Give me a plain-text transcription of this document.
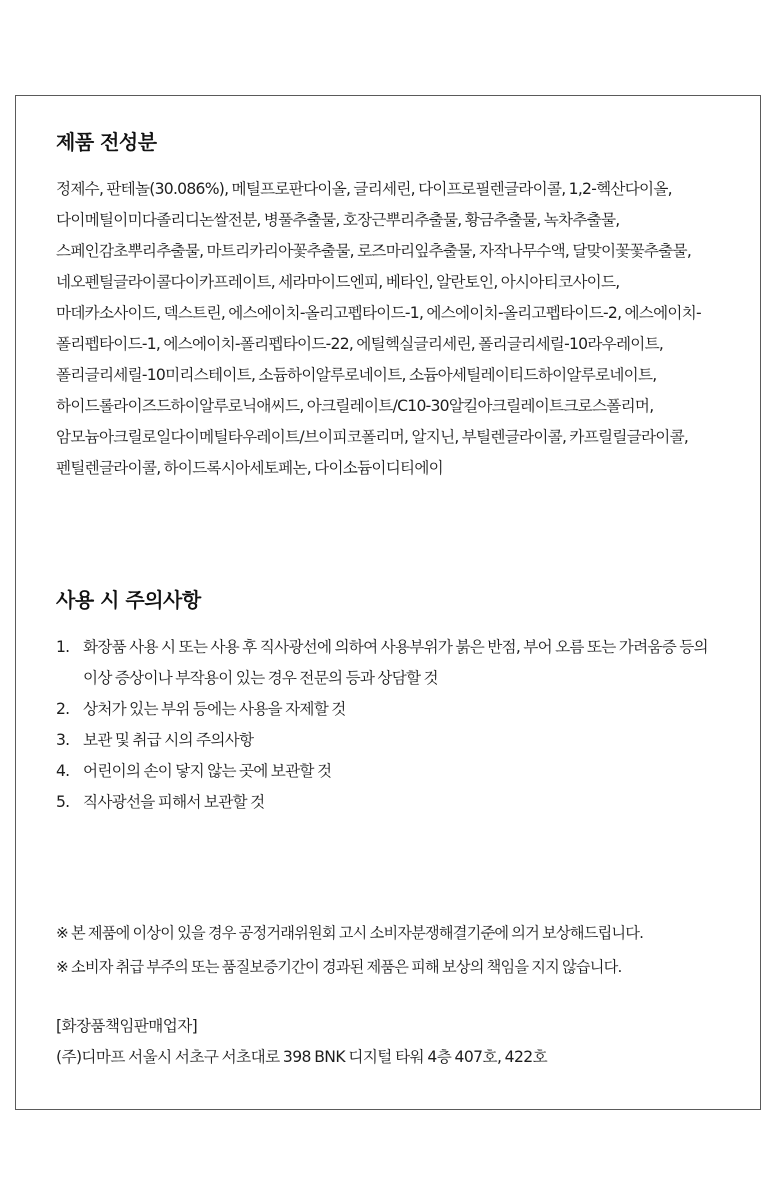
제품 전성분
정제수, 판테놀(30.086%), 메틸프로판다이올, 글리세린, 다이프로필렌글라이콜, 1,2-헥산다이올, 다이메틸이미다졸리디논쌀전분, 병풀추출물, 호장근뿌리추출물, 황금추출물, 녹차추출물, 스페인감초뿌리추출물, 마트리카리아꽃추출물, 로즈마리잎추출물, 자작나무수액, 달맞이꽃꽃추출물, 네오펜틸글라이콜다이카프레이트, 세라마이드엔피, 베타인, 알란토인, 아시아티코사이드, 마데카소사이드, 덱스트린, 에스에이치-올리고펩타이드-1, 에스에이치-올리고펩타이드-2, 에스에이치-폴리펩타이드-1, 에스에이치-폴리펩타이드-22, 에틸헥실글리세린, 폴리글리세릴-10라우레이트, 폴리글리세릴-10미리스테이트, 소듐하이알루로네이트, 소듐아세틸레이티드하이알루로네이트, 하이드롤라이즈드하이알루로닉애씨드, 아크릴레이트/C10-30알킬아크릴레이트크로스폴리머, 암모늄아크릴로일다이메틸타우레이트/브이피코폴리머, 알지닌, 부틸렌글라이콜, 카프릴릴글라이콜, 펜틸렌글라이콜, 하이드록시아세토페논, 다이소듐이디티에이
사용 시 주의사항
1. 화장품 사용 시 또는 사용 후 직사광선에 의하여 사용부위가 붉은 반점, 부어 오름 또는 가려움증 등의 이상 증상이나 부작용이 있는 경우 전문의 등과 상담할 것
2. 상처가 있는 부위 등에는 사용을 자제할 것
3. 보관 및 취급 시의 주의사항
4. 어린이의 손이 닿지 않는 곳에 보관할 것
5. 직사광선을 피해서 보관할 것
※ 본 제품에 이상이 있을 경우 공정거래위원회 고시 소비자분쟁해결기준에 의거 보상해드립니다.
※ 소비자 취급 부주의 또는 품질보증기간이 경과된 제품은 피해 보상의 책임을 지지 않습니다.
[화장품책임판매업자]
(주)디마프 서울시 서초구 서초대로 398 BNK 디지털 타워 4층 407호, 422호
